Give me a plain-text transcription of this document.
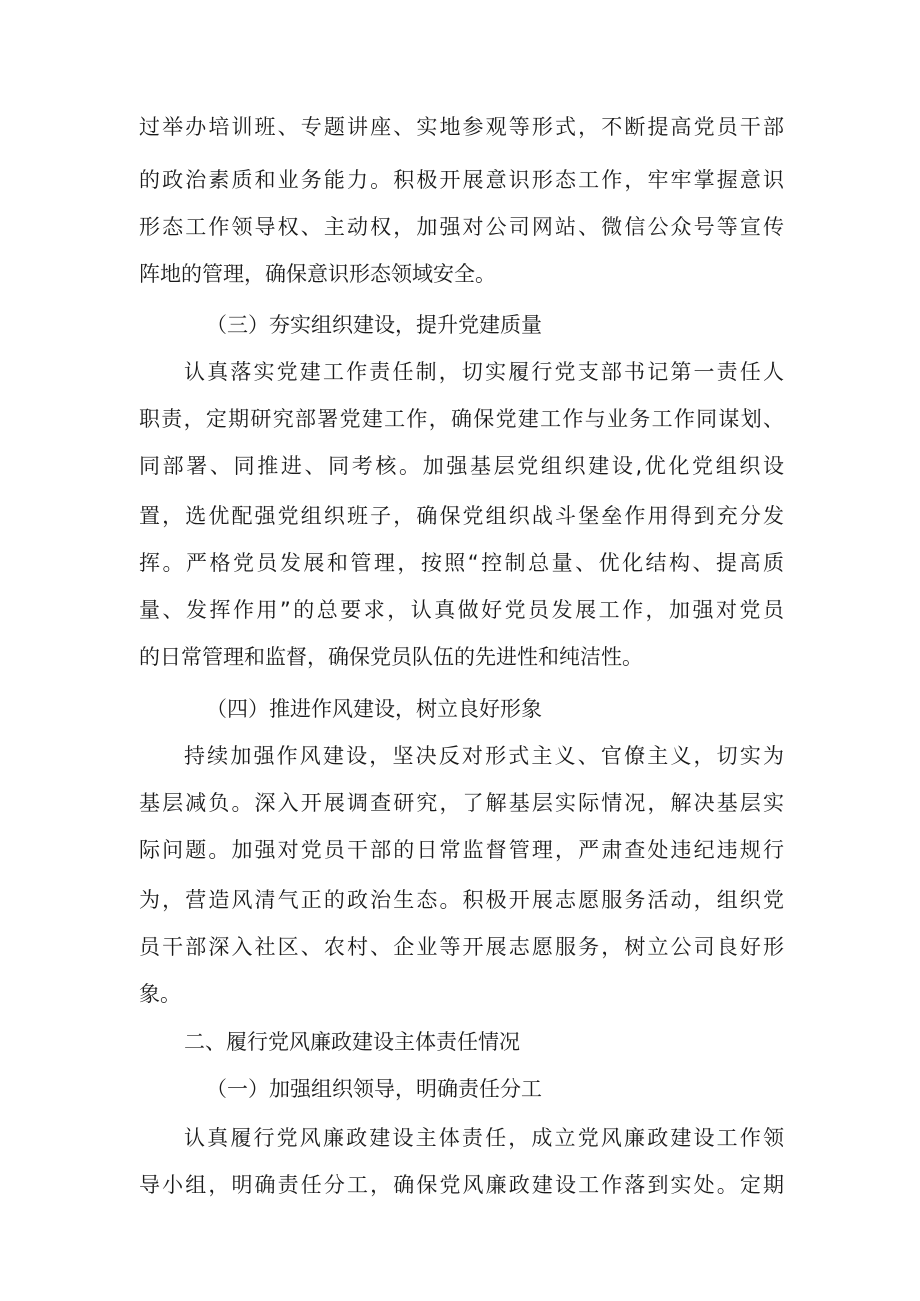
过举办培训班、专题讲座、实地参观等形式，不断提高党员干部
的政治素质和业务能力。积极开展意识形态工作，牢牢掌握意识
形态工作领导权、主动权，加强对公司网站、微信公众号等宣传
阵地的管理，确保意识形态领域安全。
（三）夯实组织建设，提升党建质量
认真落实党建工作责任制，切实履行党支部书记第一责任人
职责，定期研究部署党建工作，确保党建工作与业务工作同谋划、
同部署、同推进、同考核。加强基层党组织建设,优化党组织设
置，选优配强党组织班子，确保党组织战斗堡垒作用得到充分发
挥。严格党员发展和管理，按照“控制总量、优化结构、提高质
量、发挥作用”的总要求，认真做好党员发展工作，加强对党员
的日常管理和监督，确保党员队伍的先进性和纯洁性。
（四）推进作风建设，树立良好形象
持续加强作风建设，坚决反对形式主义、官僚主义，切实为
基层减负。深入开展调查研究，了解基层实际情况，解决基层实
际问题。加强对党员干部的日常监督管理，严肃查处违纪违规行
为，营造风清气正的政治生态。积极开展志愿服务活动，组织党
员干部深入社区、农村、企业等开展志愿服务，树立公司良好形
象。
二、履行党风廉政建设主体责任情况
（一）加强组织领导，明确责任分工
认真履行党风廉政建设主体责任，成立党风廉政建设工作领
导小组，明确责任分工，确保党风廉政建设工作落到实处。定期
